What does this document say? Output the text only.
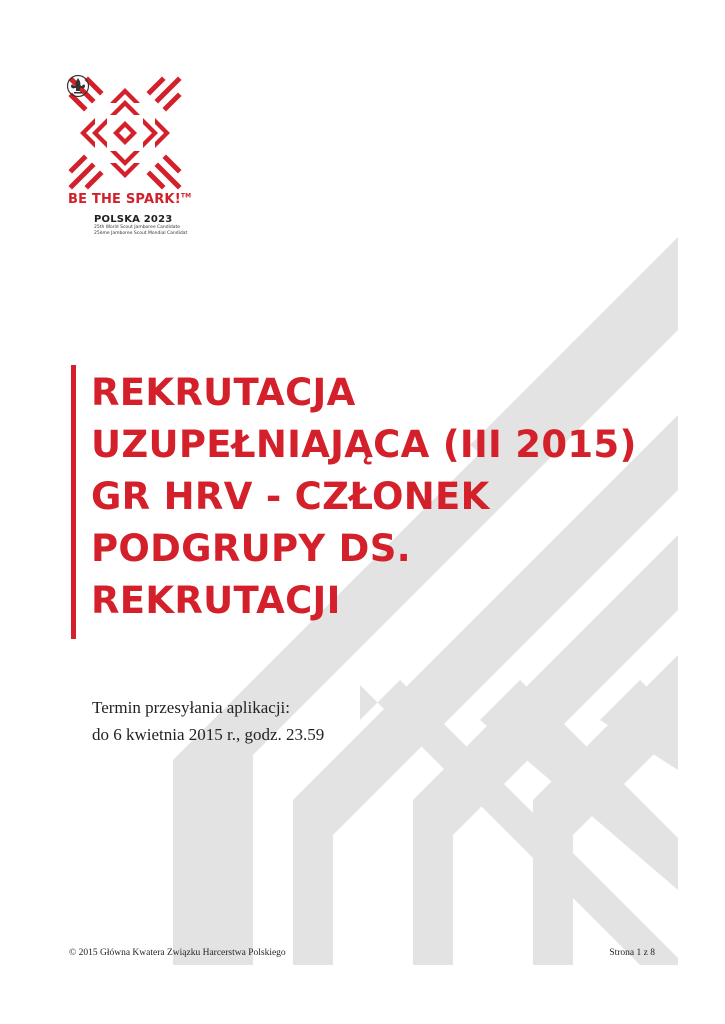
BE THE SPARK!™
POLSKA 2023
25th World Scout Jamboree Candidate
25ème Jamboree Scout Mondial Candidat
REKRUTACJA
UZUPEŁNIAJĄCA (III 2015)
GR HRV - CZŁONEK
PODGRUPY DS.
REKRUTACJI
Termin przesyłania aplikacji:
do 6 kwietnia 2015 r., godz. 23.59
© 2015 Główna Kwatera Związku Harcerstwa Polskiego	Strona 1 z 8
